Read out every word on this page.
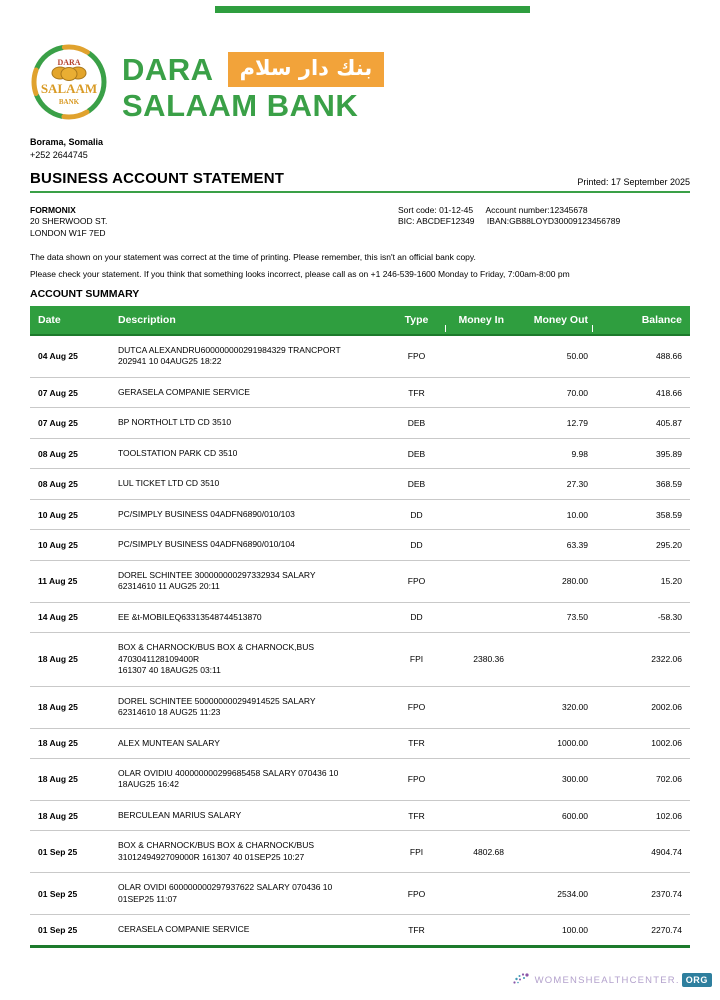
DARA
SALAAM
BANK
DARA	بنك دار سلام
SALAAM BANK
Borama, Somalia
+252 2644745
BUSINESS ACCOUNT STATEMENT	Printed: 17 September 2025
FORMONIX
20 SHERWOOD ST.
LONDON W1F 7ED
Sort code: 01-12-45 Account number:12345678
BIC: ABCDEF12349 IBAN:GB88LOYD30009123456789

The data shown on your statement was correct at the time of printing. Please remember, this isn't an official bank copy.

Please check your statement. If you think that something looks incorrect, please call as on +1 246-539-1600 Monday to Friday, 7:00am-8:00 pm

ACCOUNT SUMMARY
Date	Description	Type	Money In	Money Out	Balance
04 Aug 25	DUTCA ALEXANDRU600000000291984329 TRANCPORT
202941 10 04AUG25 18:22	FPO		50.00	488.66
07 Aug 25	GERASELA COMPANIE SERVICE	TFR		70.00	418.66
07 Aug 25	BP NORTHOLT LTD CD 3510	DEB		12.79	405.87
08 Aug 25	TOOLSTATION PARK CD 3510	DEB		9.98	395.89
08 Aug 25	LUL TICKET LTD CD 3510	DEB		27.30	368.59
10 Aug 25	PC/SIMPLY BUSINESS 04ADFN6890/010/103	DD		10.00	358.59
10 Aug 25	PC/SIMPLY BUSINESS 04ADFN6890/010/104	DD		63.39	295.20
11 Aug 25	DOREL SCHINTEE 300000000297332934 SALARY
62314610 11 AUG25 20:11	FPO		280.00	15.20
14 Aug 25	EE &t-MOBILEQ63313548744513870	DD		73.50	-58.30
18 Aug 25	BOX & CHARNOCK/BUS BOX & CHARNOCK,BUS 4703041128109400R
161307 40 18AUG25 03:11	FPI	2380.36		2322.06
18 Aug 25	DOREL SCHINTEE 500000000294914525 SALARY
62314610 18 AUG25 11:23	FPO		320.00	2002.06
18 Aug 25	ALEX MUNTEAN SALARY	TFR		1000.00	1002.06
18 Aug 25	OLAR OVIDIU 400000000299685458 SALARY 070436 10
18AUG25 16:42	FPO		300.00	702.06
18 Aug 25	BERCULEAN MARIUS SALARY	TFR		600.00	102.06
01 Sep 25	BOX & CHARNOCK/BUS BOX & CHARNOCK/BUS
3101249492709000R 161307 40 01SEP25 10:27	FPI	4802.68		4904.74
01 Sep 25	OLAR OVIDI 600000000297937622 SALARY 070436 10
01SEP25 11:07	FPO		2534.00	2370.74
01 Sep 25	CERASELA COMPANIE SERVICE	TFR		100.00	2270.74
WOMENSHEALTHCENTER. ORG
